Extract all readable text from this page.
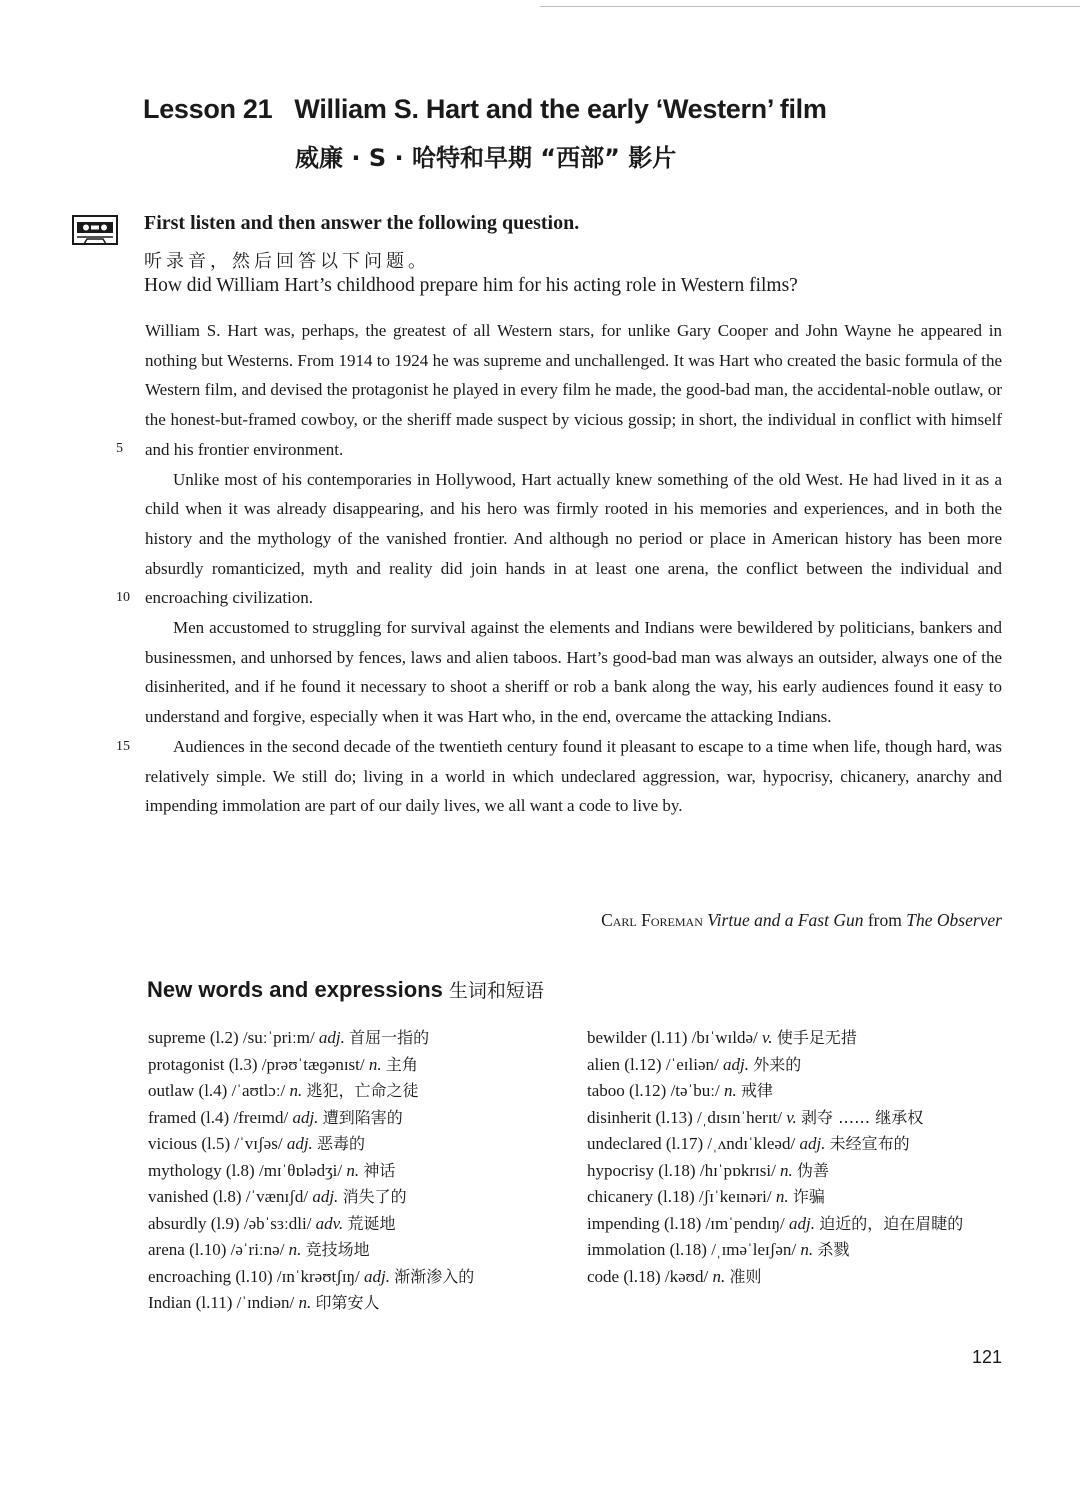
Lesson 21 William S. Hart and the early ‘Western’ film
威廉 · S · 哈特和早期 “西部” 影片
First listen and then answer the following question.
听录音，然后回答以下问题。
How did William Hart’s childhood prepare him for his acting role in Western films?

William S. Hart was, perhaps, the greatest of all Western stars, for unlike Gary Cooper and John Wayne he appeared in nothing but Westerns. From 1914 to 1924 he was supreme and unchallenged. It was Hart who created the basic formula of the Western film, and devised the protagonist he played in every film he made, the good-bad man, the accidental-noble outlaw, or the honest-but-framed cowboy, or the sheriff made suspect by vicious gossip; in short, the individual in conflict with himself and his frontier environment.

Unlike most of his contemporaries in Hollywood, Hart actually knew something of the old West. He had lived in it as a child when it was already disappearing, and his hero was firmly rooted in his memories and experiences, and in both the history and the mythology of the vanished frontier. And although no period or place in American history has been more absurdly romanticized, myth and reality did join hands in at least one arena, the conflict between the individual and encroaching civilization.

Men accustomed to struggling for survival against the elements and Indians were bewildered by politicians, bankers and businessmen, and unhorsed by fences, laws and alien taboos. Hart’s good-bad man was always an outsider, always one of the disinherited, and if he found it necessary to shoot a sheriff or rob a bank along the way, his early audiences found it easy to understand and forgive, especially when it was Hart who, in the end, overcame the attacking Indians.

Audiences in the second decade of the twentieth century found it pleasant to escape to a time when life, though hard, was relatively simple. We still do; living in a world in which undeclared aggression, war, hypocrisy, chicanery, anarchy and impending immolation are part of our daily lives, we all want a code to live by.

5
10
15
Carl Foreman Virtue and a Fast Gun from The Observer
New words and expressions 生词和短语
supreme (l.2) /suːˈpriːm/ adj. 首屈一指的
protagonist (l.3) /prəʊˈtæɡənɪst/ n. 主角
outlaw (l.4) /ˈaʊtlɔː/ n. 逃犯，亡命之徒
framed (l.4) /freɪmd/ adj. 遭到陷害的
vicious (l.5) /ˈvɪʃəs/ adj. 恶毒的
mythology (l.8) /mɪˈθɒlədʒi/ n. 神话
vanished (l.8) /ˈvænɪʃd/ adj. 消失了的
absurdly (l.9) /əbˈsɜːdli/ adv. 荒诞地
arena (l.10) /əˈriːnə/ n. 竞技场地
encroaching (l.10) /ɪnˈkrəʊtʃɪŋ/ adj. 渐渐渗入的
Indian (l.11) /ˈɪndiən/ n. 印第安人
bewilder (l.11) /bɪˈwɪldə/ v. 使手足无措
alien (l.12) /ˈeɪliən/ adj. 外来的
taboo (l.12) /təˈbuː/ n. 戒律
disinherit (l.13) /ˌdɪsɪnˈherɪt/ v. 剥夺 …… 继承权
undeclared (l.17) /ˌʌndɪˈkleəd/ adj. 未经宣布的
hypocrisy (l.18) /hɪˈpɒkrɪsi/ n. 伪善
chicanery (l.18) /ʃɪˈkeɪnəri/ n. 诈骗
impending (l.18) /ɪmˈpendɪŋ/ adj. 迫近的，迫在眉睫的
immolation (l.18) /ˌɪməˈleɪʃən/ n. 杀戮
code (l.18) /kəʊd/ n. 准则
121
